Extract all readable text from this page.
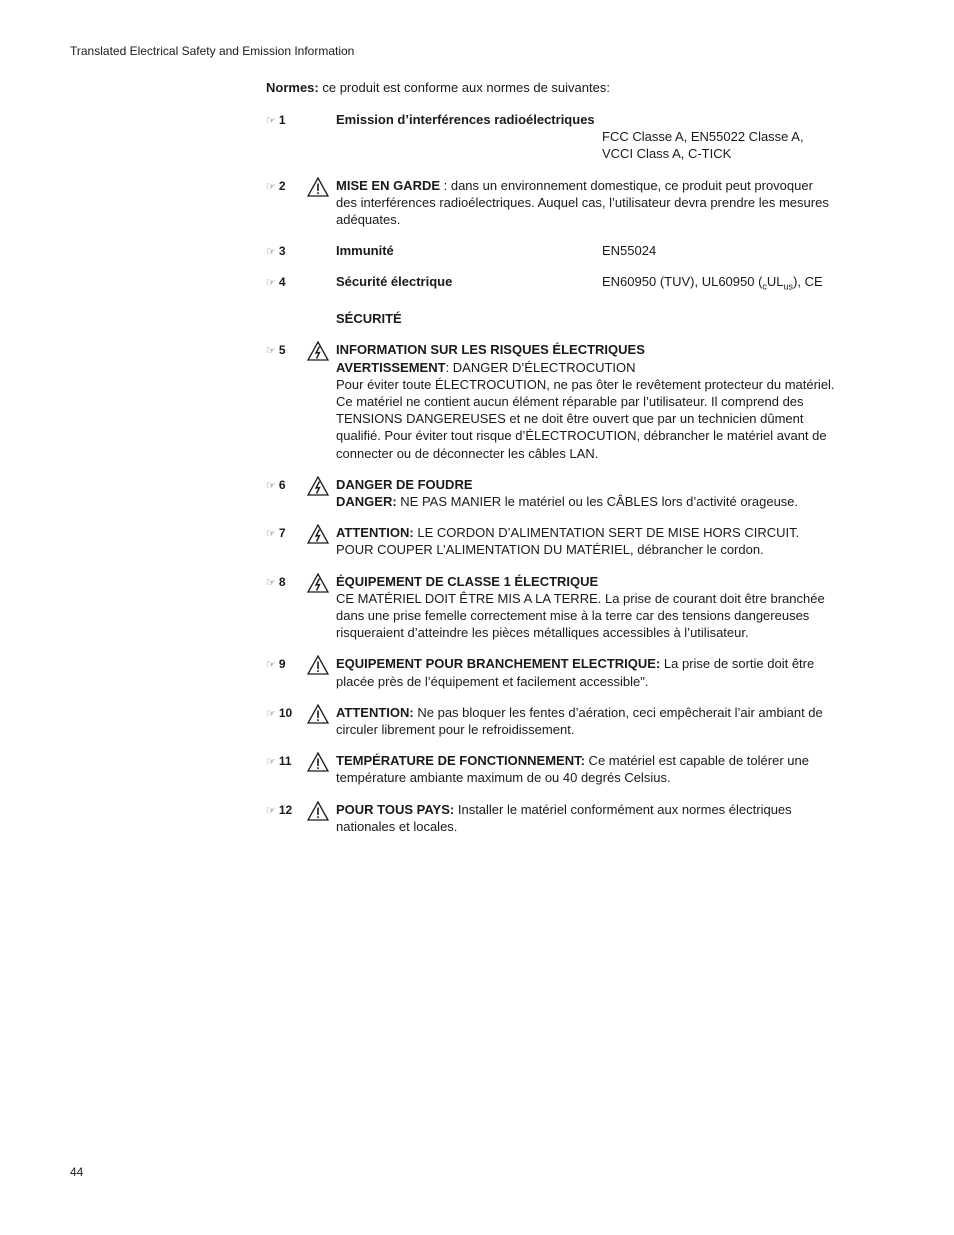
Translated Electrical Safety and Emission Information
Normes: ce produit est conforme aux normes de suivantes:
☞ 1	Emission d’interférences radioélectriques
FCC Classe A, EN55022 Classe A,
VCCI Class A, C-TICK
☞ 2	MISE EN GARDE : dans un environnement domestique, ce produit peut provoquer des interférences radioélectriques. Auquel cas, l’utilisateur devra prendre les mesures adéquates.
☞ 3	Immunité	EN55024
☞ 4	Sécurité électrique	EN60950 (TUV), UL60950 $(_cUL_{us})$, CE
SÉCURITÉ
☞ 5	INFORMATION SUR LES RISQUES ÉLECTRIQUES
AVERTISSEMENT: DANGER D’ÉLECTROCUTION
Pour éviter toute ÉLECTROCUTION, ne pas ôter le revêtement protecteur du matériel. Ce matériel ne contient aucun élément réparable par l’utilisateur. Il comprend des TENSIONS DANGEREUSES et ne doit être ouvert que par un technicien dûment qualifié. Pour éviter tout risque d’ÉLECTROCUTION, débrancher le matériel avant de connecter ou de déconnecter les câbles LAN.
☞ 6	DANGER DE FOUDRE
DANGER: NE PAS MANIER le matériel ou les CÂBLES lors d’activité orageuse.
☞ 7	ATTENTION: LE CORDON D’ALIMENTATION SERT DE MISE HORS CIRCUIT. POUR COUPER L’ALIMENTATION DU MATÉRIEL, débrancher le cordon.
☞ 8	ÉQUIPEMENT DE CLASSE 1 ÉLECTRIQUE
CE MATÉRIEL DOIT ÊTRE MIS A LA TERRE. La prise de courant doit être branchée dans une prise femelle correctement mise à la terre car des tensions dangereuses risqueraient d’atteindre les pièces métalliques accessibles à l’utilisateur.
☞ 9	EQUIPEMENT POUR BRANCHEMENT ELECTRIQUE: La prise de sortie doit être placée près de l’équipement et facilement accessible".
☞ 10	ATTENTION: Ne pas bloquer les fentes d’aération, ceci empêcherait l’air ambiant de circuler librement pour le refroidissement.
☞ 11	TEMPÉRATURE DE FONCTIONNEMENT: Ce matériel est capable de tolérer une température ambiante maximum de ou 40 degrés Celsius.
☞ 12	POUR TOUS PAYS: Installer le matériel conformément aux normes électriques nationales et locales.
44
